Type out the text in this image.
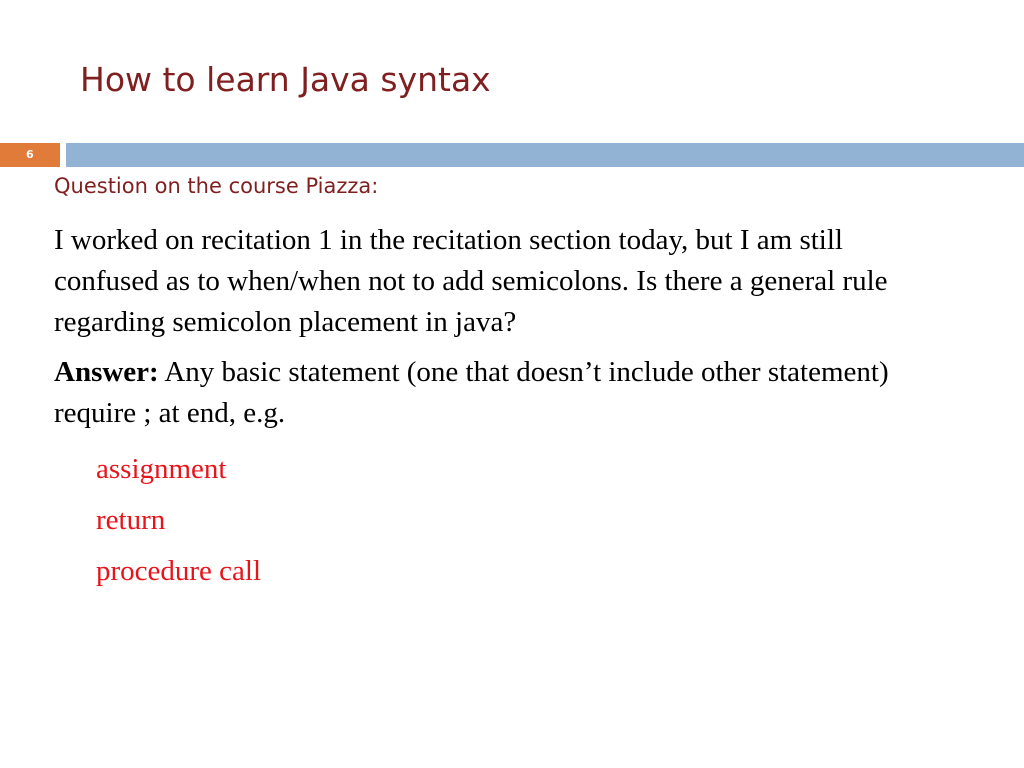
How to learn Java syntax
6
Question on the course Piazza:
I worked on recitation 1 in the recitation section today, but I am still confused as to when/when not to add semicolons. Is there a general rule regarding semicolon placement in java?
Answer: Any basic statement (one that doesn’t include other statement) require ; at end, e.g.
assignment
return
procedure call
